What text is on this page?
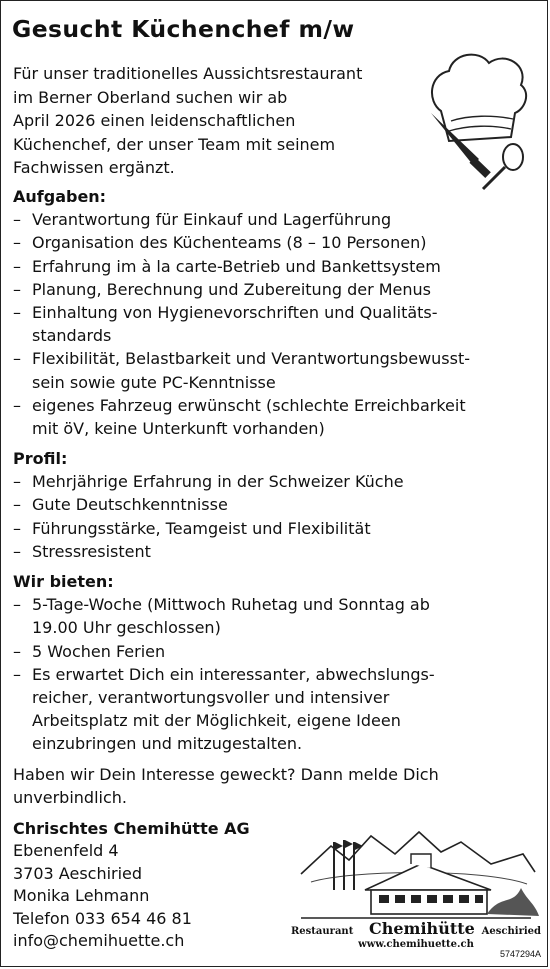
Gesucht Küchenchef m/w
Für unser traditionelles Aussichtsrestaurant
im Berner Oberland suchen wir ab
April 2026 einen leidenschaftlichen
Küchenchef, der unser Team mit seinem
Fachwissen ergänzt.
Aufgaben:
– Verantwortung für Einkauf und Lagerführung
– Organisation des Küchenteams (8 – 10 Personen)
– Erfahrung im à la carte-Betrieb und Bankettsystem
– Planung, Berechnung und Zubereitung der Menus
– Einhaltung von Hygienevorschriften und Qualitäts-
standards
– Flexibilität, Belastbarkeit und Verantwortungsbewusst-
sein sowie gute PC-Kenntnisse
– eigenes Fahrzeug erwünscht (schlechte Erreichbarkeit
mit öV, keine Unterkunft vorhanden)
Profil:
– Mehrjährige Erfahrung in der Schweizer Küche
– Gute Deutschkenntnisse
– Führungsstärke, Teamgeist und Flexibilität
– Stressresistent
Wir bieten:
– 5-Tage-Woche (Mittwoch Ruhetag und Sonntag ab
19.00 Uhr geschlossen)
– 5 Wochen Ferien
– Es erwartet Dich ein interessanter, abwechslungs-
reicher, verantwortungsvoller und intensiver
Arbeitsplatz mit der Möglichkeit, eigene Ideen
einzubringen und mitzugestalten.
Haben wir Dein Interesse geweckt? Dann melde Dich
unverbindlich.
Chrischtes Chemihütte AG
Ebenenfeld 4
3703 Aeschiried
Monika Lehmann
Telefon 033 654 46 81
info@chemihuette.ch	Restaurant Chemihütte Aeschiried
www.chemihuette.ch
5747294A
